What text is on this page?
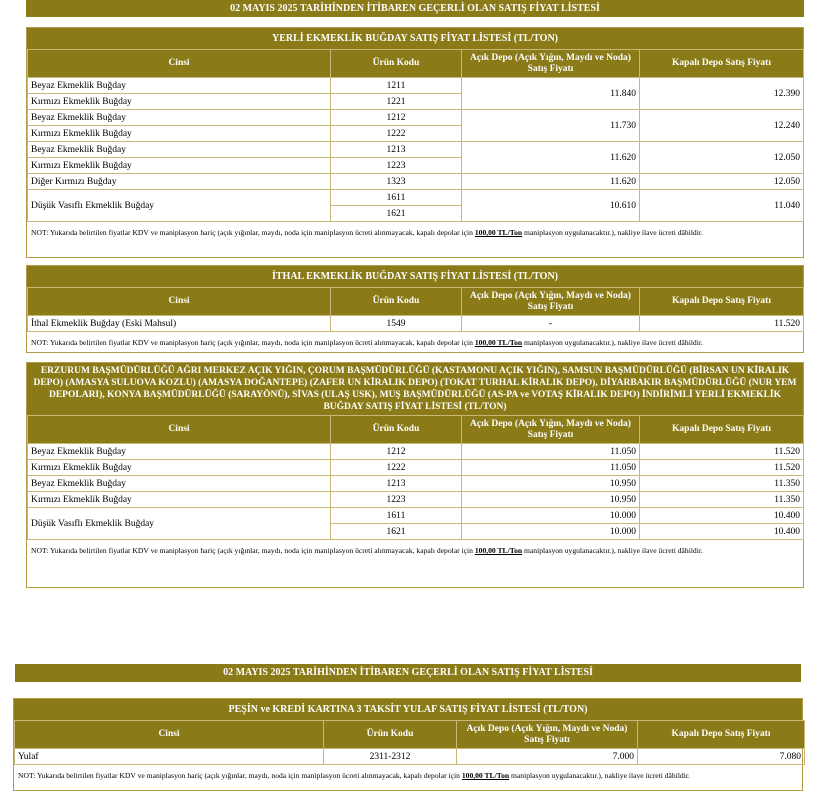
02 MAYIS 2025 TARİHİNDEN İTİBAREN GEÇERLİ OLAN SATIŞ FİYAT LİSTESİ
YERLİ EKMEKLİK BUĞDAY SATIŞ FİYAT LİSTESİ (TL/TON)
Cinsi	Ürün Kodu	Açık Depo (Açık Yığın, Maydı ve Noda) Satış Fiyatı	Kapalı Depo Satış Fiyatı
Beyaz Ekmeklik Buğday	1211	11.840	12.390
Kırmızı Ekmeklik Buğday	1221		
Beyaz Ekmeklik Buğday	1212	11.730	12.240
Kırmızı Ekmeklik Buğday	1222		
Beyaz Ekmeklik Buğday	1213	11.620	12.050
Kırmızı Ekmeklik Buğday	1223		
Diğer Kırmızı Buğday	1323	11.620	12.050
Düşük Vasıflı Ekmeklik Buğday	1611	10.610	11.040
	1621		
NOT: Yukarıda belirtilen fiyatlar KDV ve maniplasyon hariç (açık yığınlar, maydı, noda için maniplasyon ücreti alınmayacak, kapalı depolar için 100,00 TL/Ton maniplasyon uygulanacaktır.), nakliye ilave ücreti dâhildir.
İTHAL EKMEKLİK BUĞDAY SATIŞ FİYAT LİSTESİ (TL/TON)
Cinsi	Ürün Kodu	Açık Depo (Açık Yığın, Maydı ve Noda) Satış Fiyatı	Kapalı Depo Satış Fiyatı
İthal Ekmeklik Buğday (Eski Mahsul)	1549	-	11.520
NOT: Yukarıda belirtilen fiyatlar KDV ve maniplasyon hariç (açık yığınlar, maydı, noda için maniplasyon ücreti alınmayacak, kapalı depolar için 100,00 TL/Ton maniplasyon uygulanacaktır.), nakliye ilave ücreti dâhildir.
ERZURUM BAŞMÜDÜRLÜĞÜ AĞRI MERKEZ AÇIK YIĞIN, ÇORUM BAŞMÜDÜRLÜĞÜ (KASTAMONU AÇIK YIĞIN), SAMSUN BAŞMÜDÜRLÜĞÜ (BİRSAN UN KİRALIK DEPO) (AMASYA SULUOVA KOZLU) (AMASYA DOĞANTEPE) (ZAFER UN KİRALIK DEPO) (TOKAT TURHAL KİRALIK DEPO), DİYARBAKIR BAŞMÜDÜRLÜĞÜ (NUR YEM DEPOLARI), KONYA BAŞMÜDÜRLÜĞÜ (SARAYÖNÜ), SİVAS (ULAŞ USK), MUŞ BAŞMÜDÜRLÜĞÜ (AS-PA ve VOTAŞ KİRALIK DEPO) İNDİRİMLİ YERLİ EKMEKLİK BUĞDAY SATIŞ FİYAT LİSTESİ (TL/TON)
Cinsi	Ürün Kodu	Açık Depo (Açık Yığın, Maydı ve Noda) Satış Fiyatı	Kapalı Depo Satış Fiyatı
Beyaz Ekmeklik Buğday	1212	11.050	11.520
Kırmızı Ekmeklik Buğday	1222	11.050	11.520
Beyaz Ekmeklik Buğday	1213	10.950	11.350
Kırmızı Ekmeklik Buğday	1223	10.950	11.350
Düşük Vasıflı Ekmeklik Buğday	1611	10.000	10.400
	1621	10.000	10.400
NOT: Yukarıda belirtilen fiyatlar KDV ve maniplasyon hariç (açık yığınlar, maydı, noda için maniplasyon ücreti alınmayacak, kapalı depolar için 100,00 TL/Ton maniplasyon uygulanacaktır.), nakliye ilave ücreti dâhildir.
02 MAYIS 2025 TARİHİNDEN İTİBAREN GEÇERLİ OLAN SATIŞ FİYAT LİSTESİ
PEŞİN ve KREDİ KARTINA 3 TAKSİT YULAF SATIŞ FİYAT LİSTESİ (TL/TON)
Cinsi	Ürün Kodu	Açık Depo (Açık Yığın, Maydı ve Noda) Satış Fiyatı	Kapalı Depo Satış Fiyatı
Yulaf	2311-2312	7.000	7.080
NOT: Yukarıda belirtilen fiyatlar KDV ve maniplasyon hariç (açık yığınlar, maydı, noda için maniplasyon ücreti alınmayacak, kapalı depolar için 100,00 TL/Ton maniplasyon uygulanacaktır.), nakliye ilave ücreti dâhildir.
